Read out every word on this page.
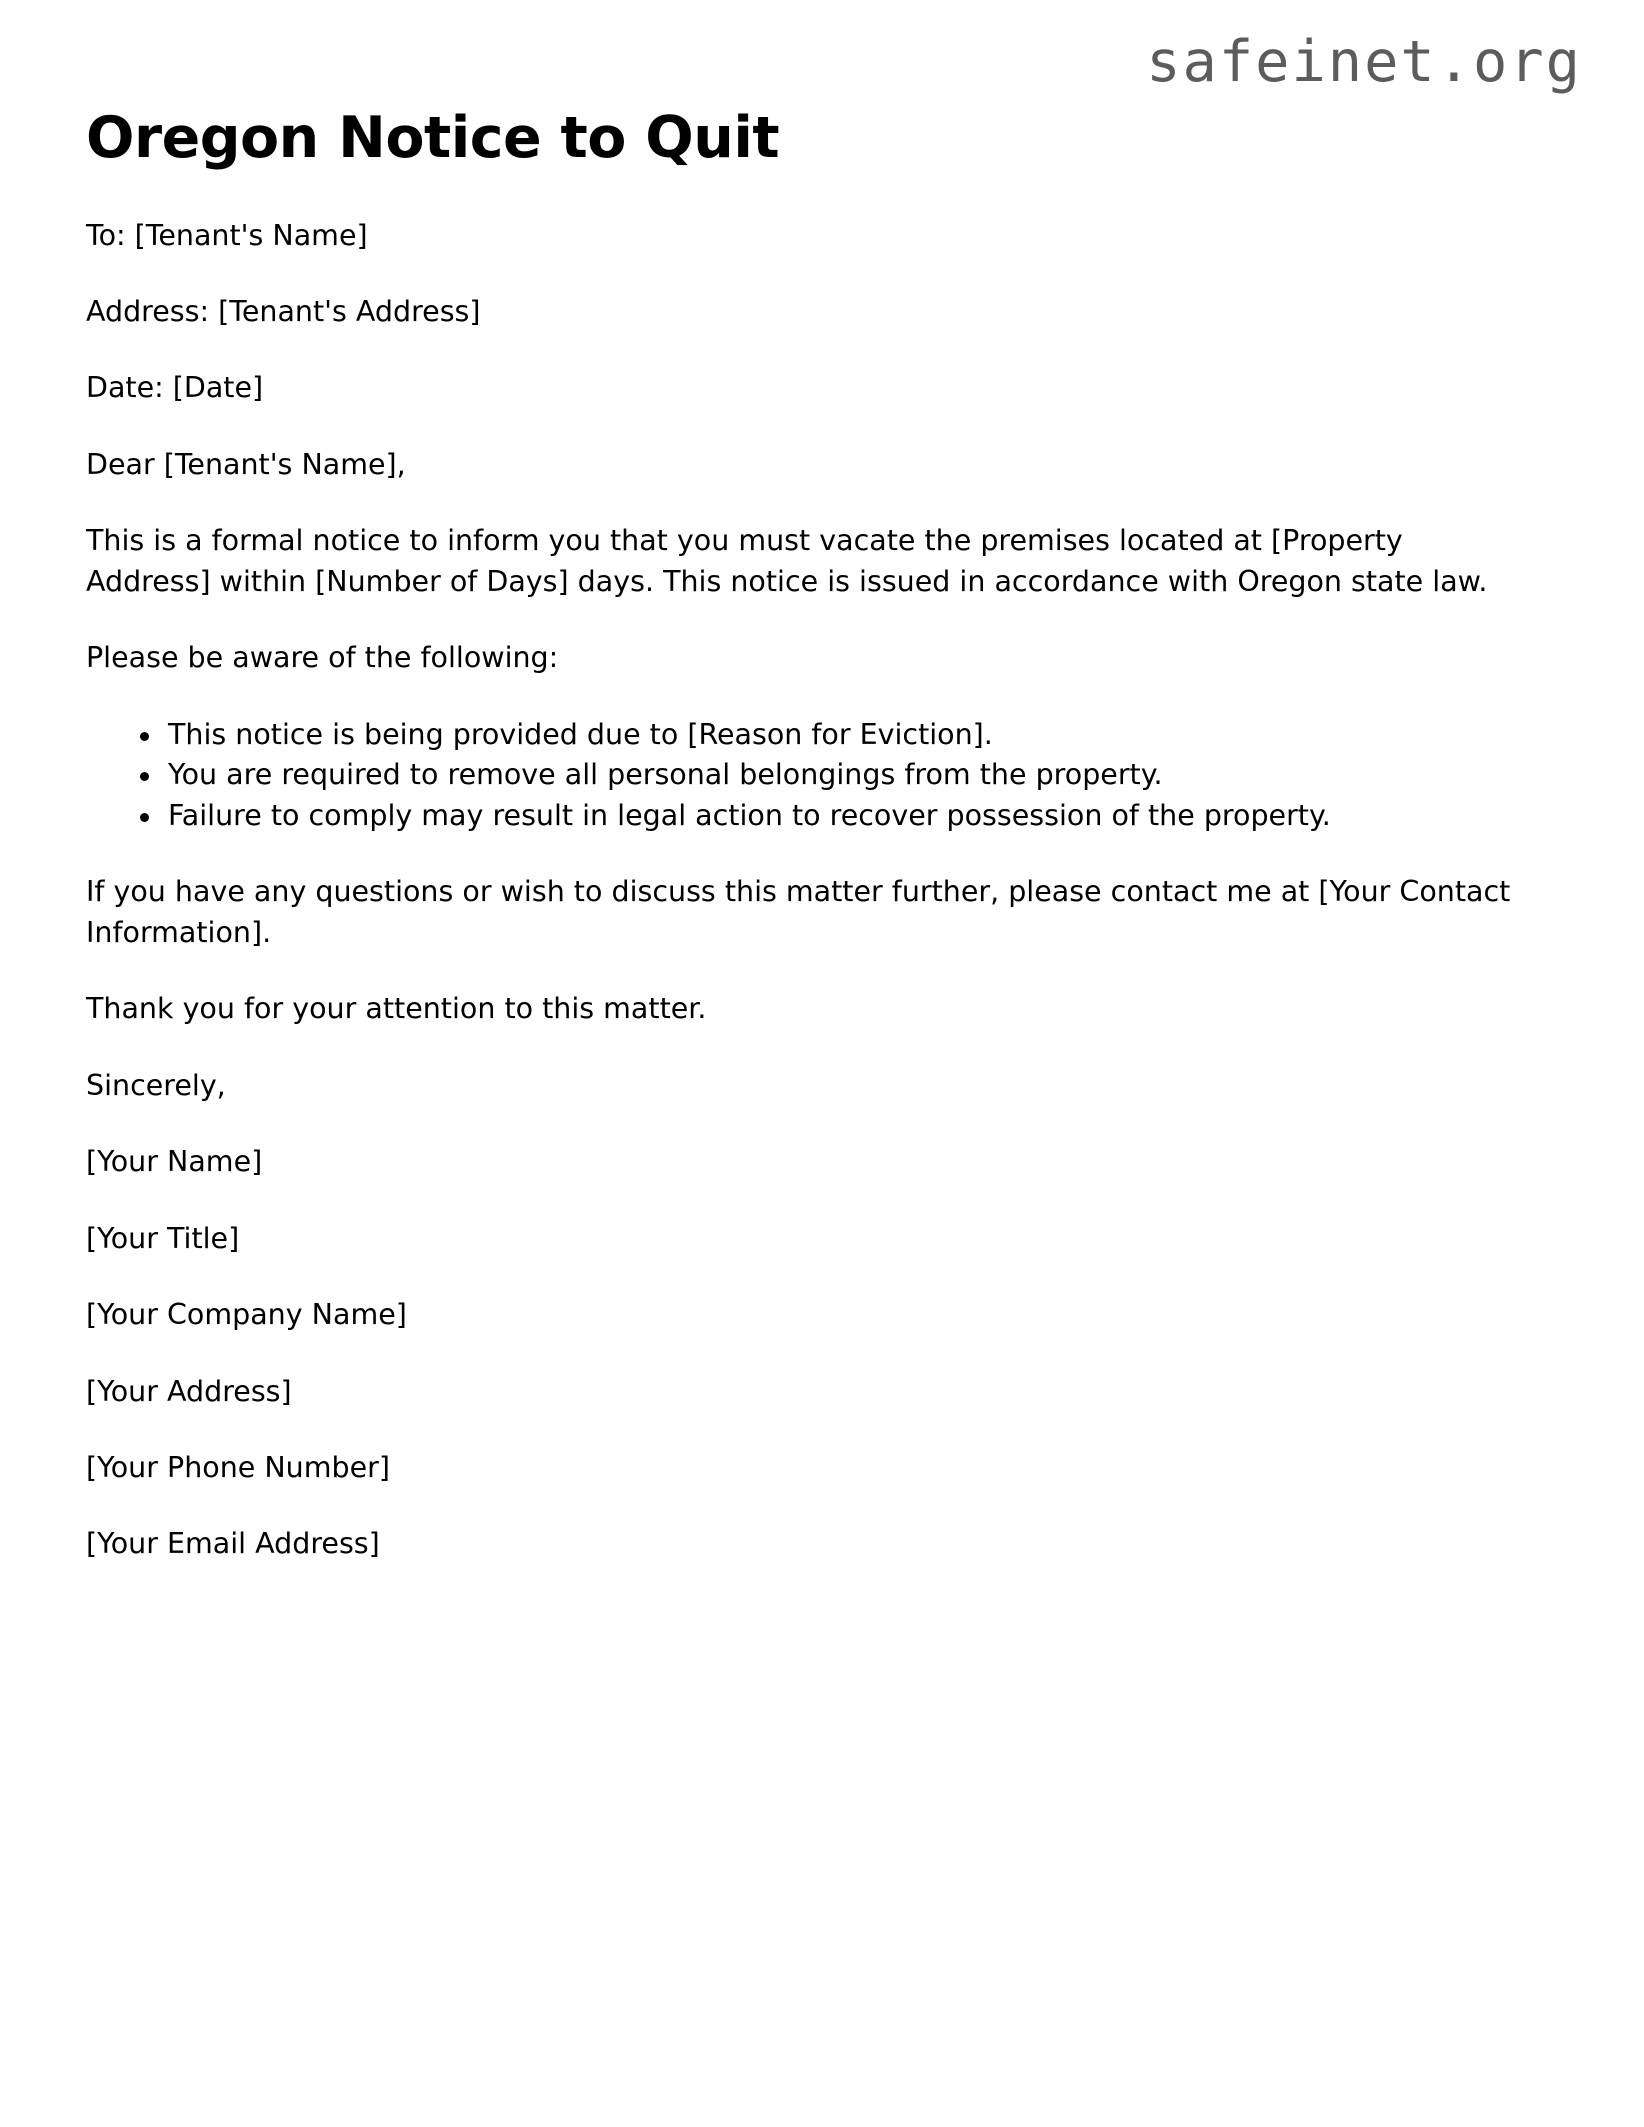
safeinet.org
Oregon Notice to Quit

To: [Tenant's Name]

Address: [Tenant's Address]

Date: [Date]

Dear [Tenant's Name],

This is a formal notice to inform you that you must vacate the premises located at [Property Address] within [Number of Days] days. This notice is issued in accordance with Oregon state law.

Please be aware of the following:

This notice is being provided due to [Reason for Eviction].
You are required to remove all personal belongings from the property.
Failure to comply may result in legal action to recover possession of the property.

If you have any questions or wish to discuss this matter further, please contact me at [Your Contact Information].

Thank you for your attention to this matter.

Sincerely,

[Your Name]

[Your Title]

[Your Company Name]

[Your Address]

[Your Phone Number]

[Your Email Address]
